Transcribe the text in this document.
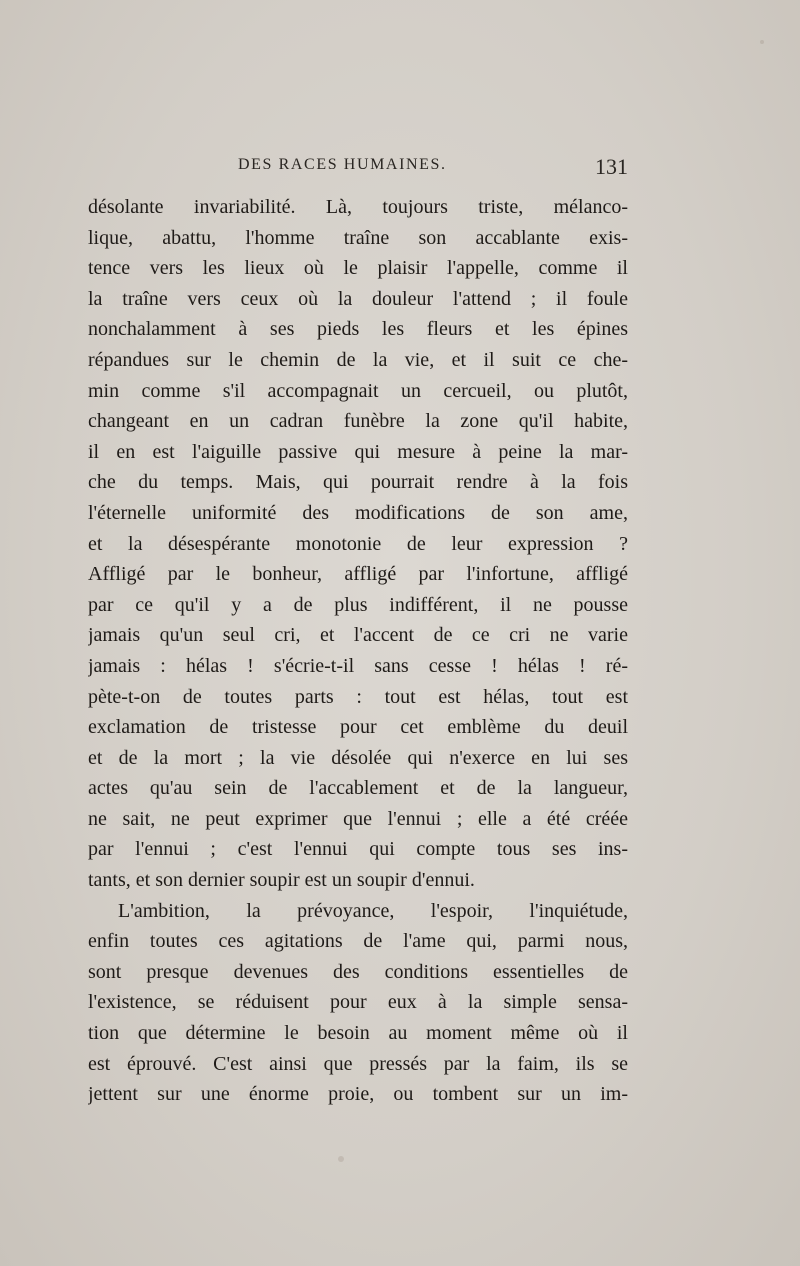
DES RACES HUMAINES.	131
désolante invariabilité. Là, toujours triste, mélanco-
lique, abattu, l'homme traîne son accablante exis-
tence vers les lieux où le plaisir l'appelle, comme il
la traîne vers ceux où la douleur l'attend ; il foule
nonchalamment à ses pieds les fleurs et les épines
répandues sur le chemin de la vie, et il suit ce che-
min comme s'il accompagnait un cercueil, ou plutôt,
changeant en un cadran funèbre la zone qu'il habite,
il en est l'aiguille passive qui mesure à peine la mar-
che du temps. Mais, qui pourrait rendre à la fois
l'éternelle uniformité des modifications de son ame,
et la désespérante monotonie de leur expression ?
Affligé par le bonheur, affligé par l'infortune, affligé
par ce qu'il y a de plus indifférent, il ne pousse
jamais qu'un seul cri, et l'accent de ce cri ne varie
jamais : hélas ! s'écrie-t-il sans cesse ! hélas ! ré-
pète-t-on de toutes parts : tout est hélas, tout est
exclamation de tristesse pour cet emblème du deuil
et de la mort ; la vie désolée qui n'exerce en lui ses
actes qu'au sein de l'accablement et de la langueur,
ne sait, ne peut exprimer que l'ennui ; elle a été créée
par l'ennui ; c'est l'ennui qui compte tous ses ins-
tants, et son dernier soupir est un soupir d'ennui.
L'ambition, la prévoyance, l'espoir, l'inquiétude,
enfin toutes ces agitations de l'ame qui, parmi nous,
sont presque devenues des conditions essentielles de
l'existence, se réduisent pour eux à la simple sensa-
tion que détermine le besoin au moment même où il
est éprouvé. C'est ainsi que pressés par la faim, ils se
jettent sur une énorme proie, ou tombent sur un im-
